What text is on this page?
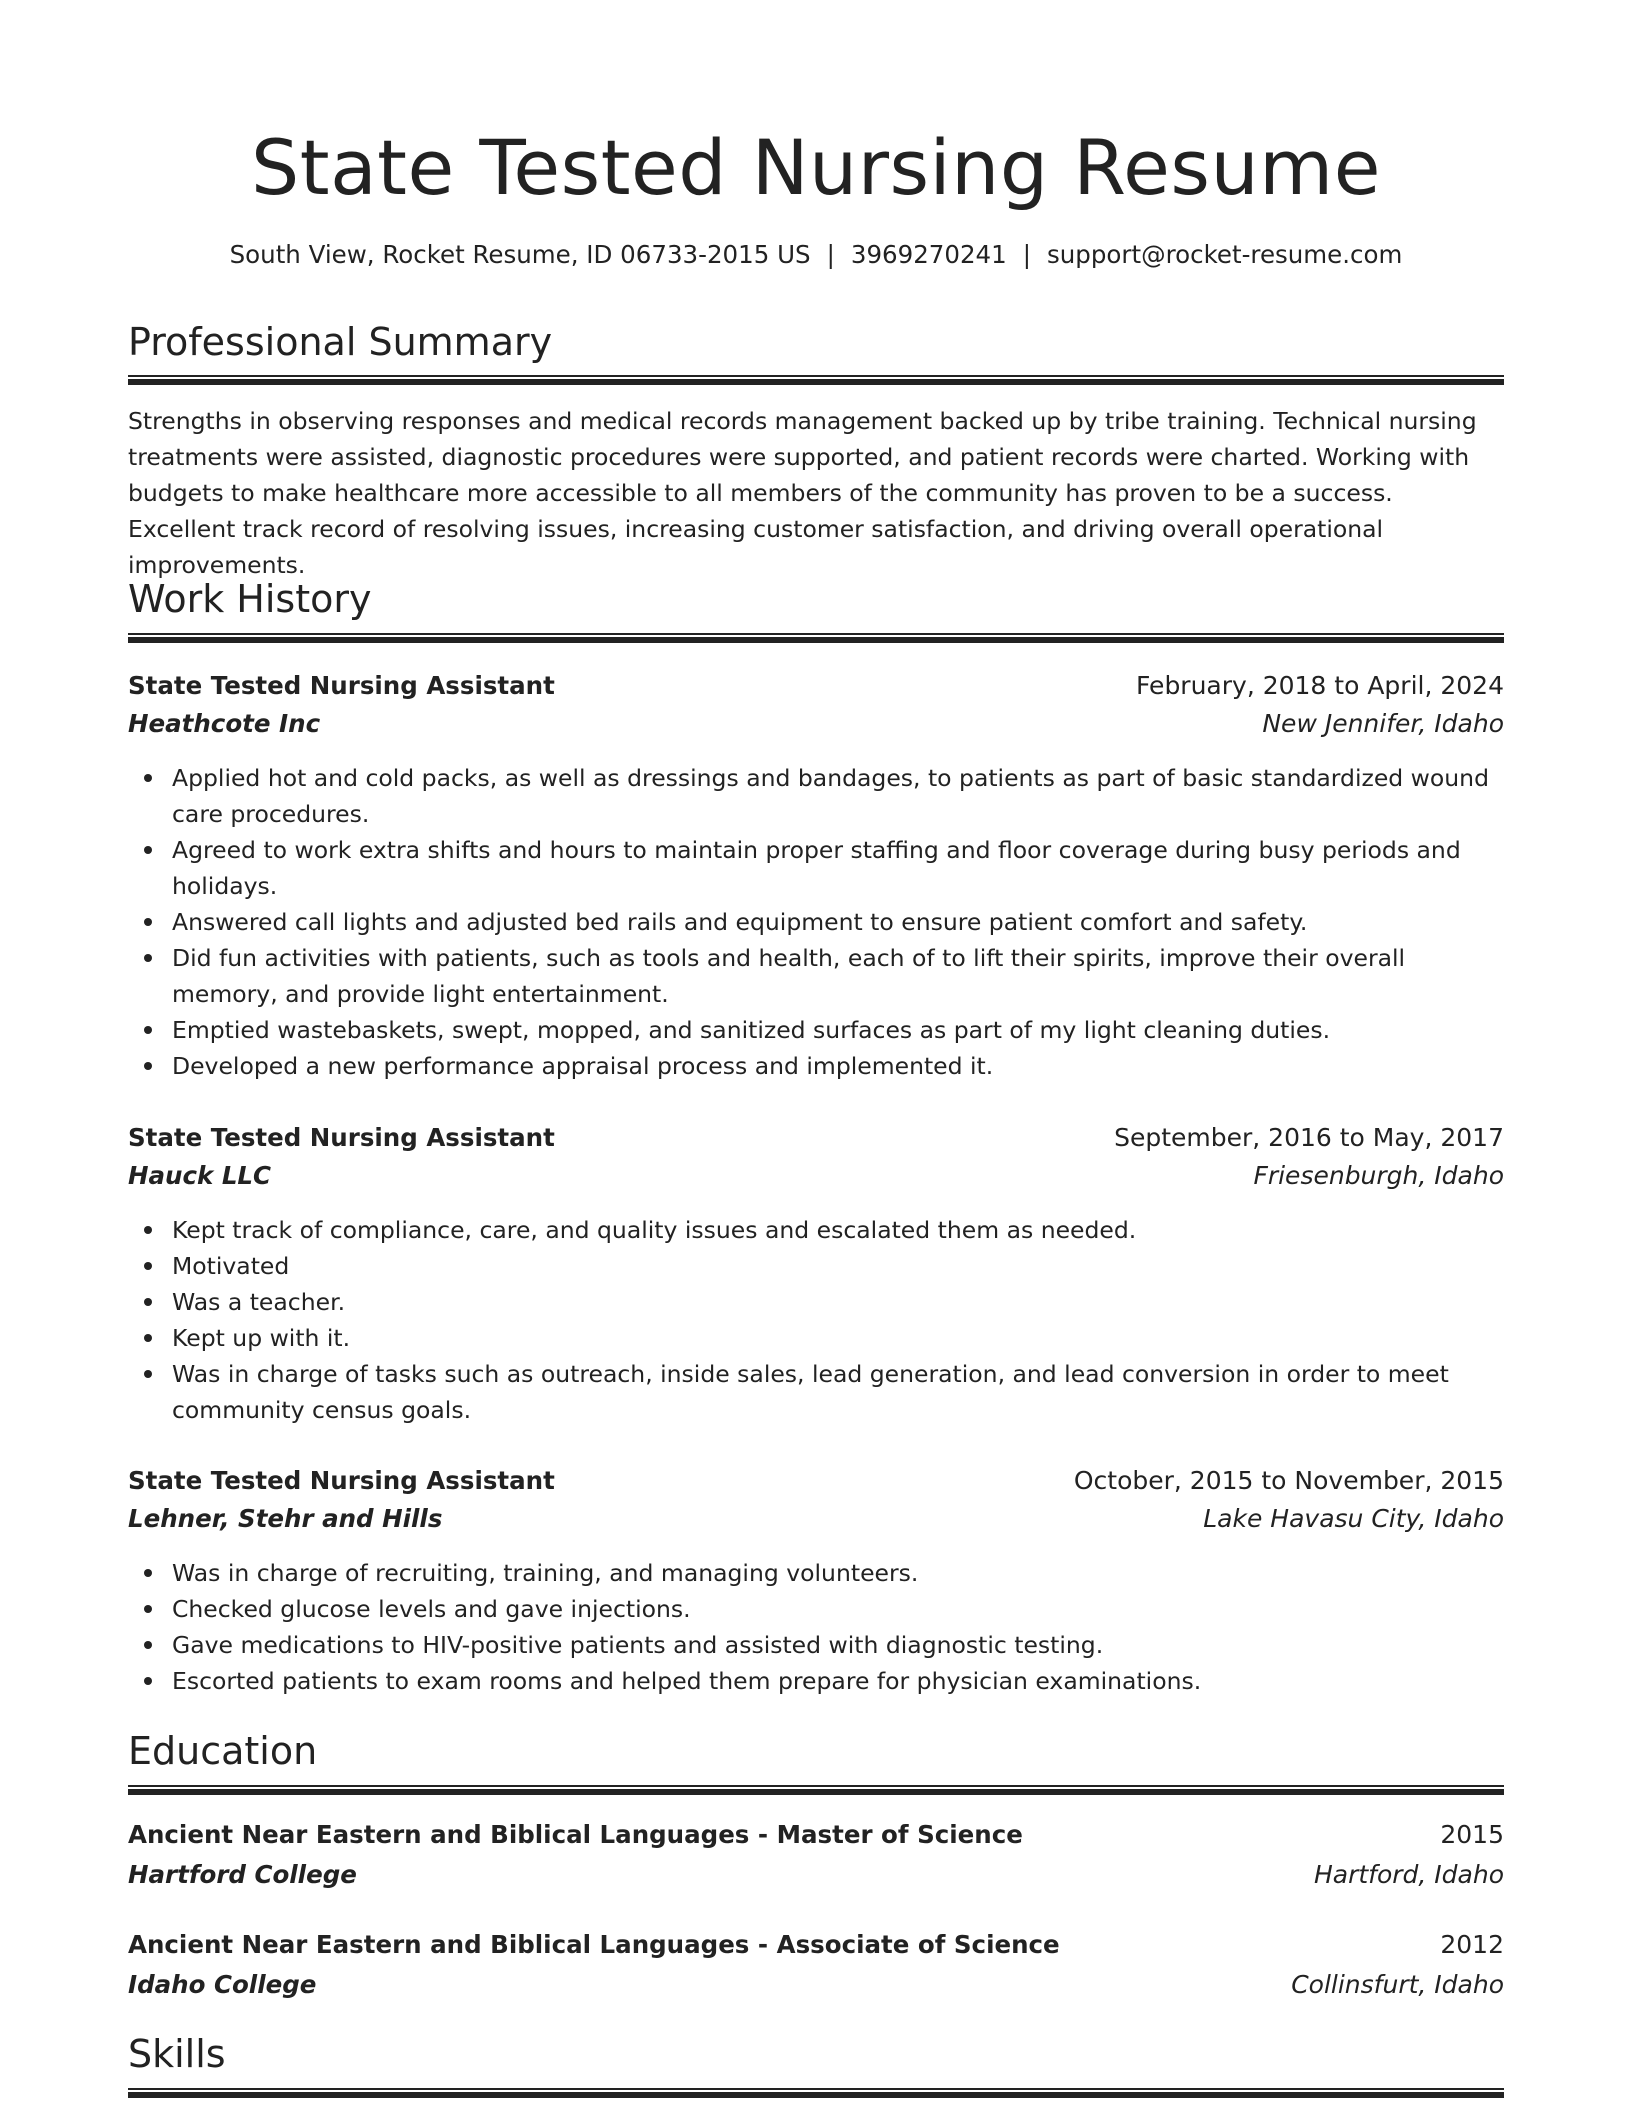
State Tested Nursing Resume
South View, Rocket Resume, ID 06733-2015 US | 3969270241 | support@rocket-resume.com
Professional Summary
Strengths in observing responses and medical records management backed up by tribe training. Technical nursing treatments were assisted, diagnostic procedures were supported, and patient records were charted. Working with budgets to make healthcare more accessible to all members of the community has proven to be a success. Excellent track record of resolving issues, increasing customer satisfaction, and driving overall operational improvements.
Work History
State Tested Nursing Assistant	February, 2018 to April, 2024
Heathcote Inc	New Jennifer, Idaho
Applied hot and cold packs, as well as dressings and bandages, to patients as part of basic standardized wound care procedures.
Agreed to work extra shifts and hours to maintain proper staffing and floor coverage during busy periods and holidays.
Answered call lights and adjusted bed rails and equipment to ensure patient comfort and safety.
Did fun activities with patients, such as tools and health, each of to lift their spirits, improve their overall memory, and provide light entertainment.
Emptied wastebaskets, swept, mopped, and sanitized surfaces as part of my light cleaning duties.
Developed a new performance appraisal process and implemented it.
State Tested Nursing Assistant	September, 2016 to May, 2017
Hauck LLC	Friesenburgh, Idaho
Kept track of compliance, care, and quality issues and escalated them as needed.
Motivated
Was a teacher.
Kept up with it.
Was in charge of tasks such as outreach, inside sales, lead generation, and lead conversion in order to meet community census goals.
State Tested Nursing Assistant	October, 2015 to November, 2015
Lehner, Stehr and Hills	Lake Havasu City, Idaho
Was in charge of recruiting, training, and managing volunteers.
Checked glucose levels and gave injections.
Gave medications to HIV-positive patients and assisted with diagnostic testing.
Escorted patients to exam rooms and helped them prepare for physician examinations.
Education
Ancient Near Eastern and Biblical Languages - Master of Science	2015
Hartford College	Hartford, Idaho
Ancient Near Eastern and Biblical Languages - Associate of Science	2012
Idaho College	Collinsfurt, Idaho
Skills
